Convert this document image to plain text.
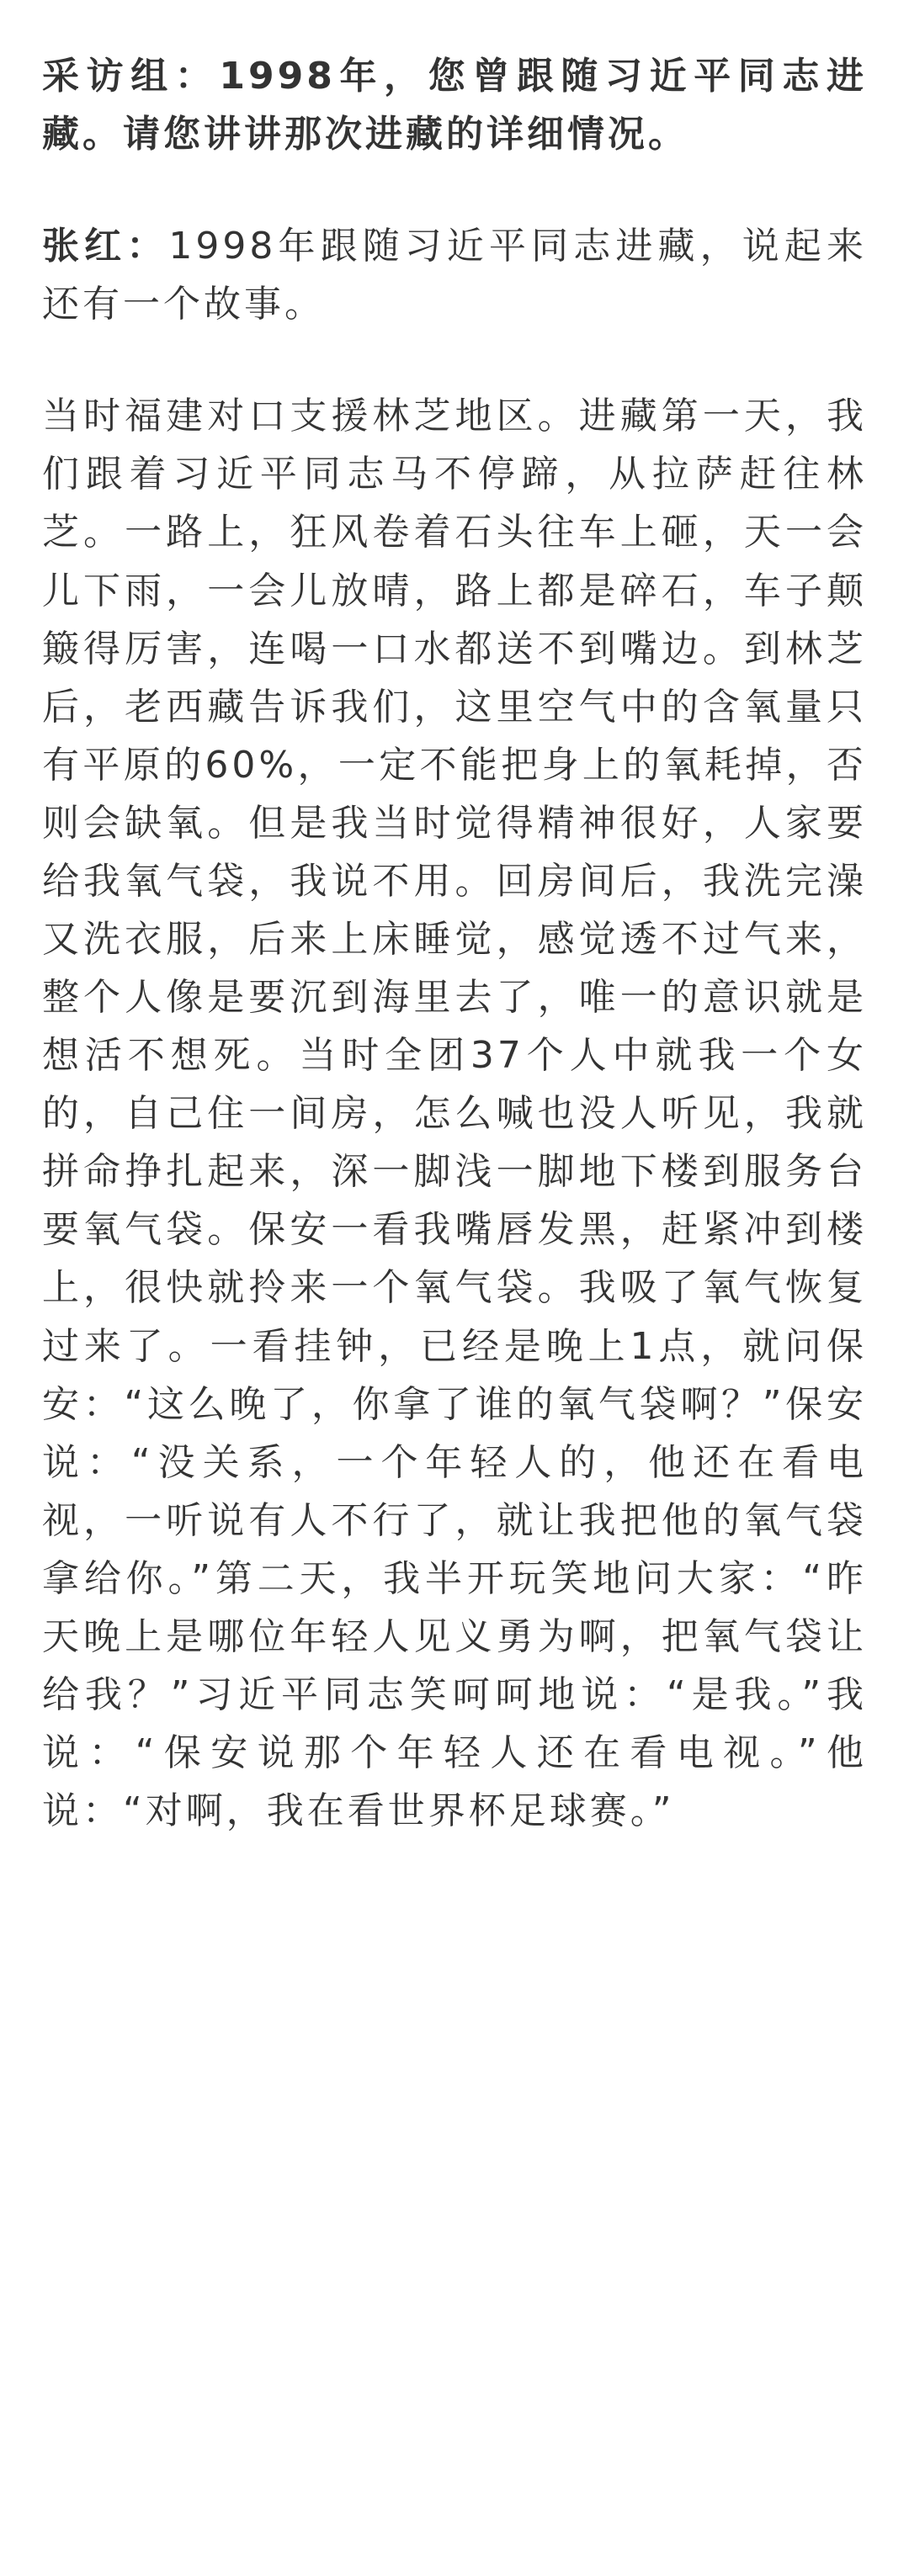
采访组：1998年，您曾跟随习近平同志进藏。请您讲讲那次进藏的详细情况。

张红：1998年跟随习近平同志进藏，说起来还有一个故事。

当时福建对口支援林芝地区。进藏第一天，我们跟着习近平同志马不停蹄，从拉萨赶往林芝。一路上，狂风卷着石头往车上砸，天一会儿下雨，一会儿放晴，路上都是碎石，车子颠簸得厉害，连喝一口水都送不到嘴边。到林芝后，老西藏告诉我们，这里空气中的含氧量只有平原的60%，一定不能把身上的氧耗掉，否则会缺氧。但是我当时觉得精神很好，人家要给我氧气袋，我说不用。回房间后，我洗完澡又洗衣服，后来上床睡觉，感觉透不过气来，整个人像是要沉到海里去了，唯一的意识就是想活不想死。当时全团37个人中就我一个女的，自己住一间房，怎么喊也没人听见，我就拼命挣扎起来，深一脚浅一脚地下楼到服务台要氧气袋。保安一看我嘴唇发黑，赶紧冲到楼上，很快就拎来一个氧气袋。我吸了氧气恢复过来了。一看挂钟，已经是晚上1点，就问保安：“这么晚了，你拿了谁的氧气袋啊？”保安说：“没关系，一个年轻人的，他还在看电视，一听说有人不行了，就让我把他的氧气袋拿给你。”第二天，我半开玩笑地问大家：“昨天晚上是哪位年轻人见义勇为啊，把氧气袋让给我？”习近平同志笑呵呵地说：“是我。”我说：“保安说那个年轻人还在看电视。”他说：“对啊，我在看世界杯足球赛。”
